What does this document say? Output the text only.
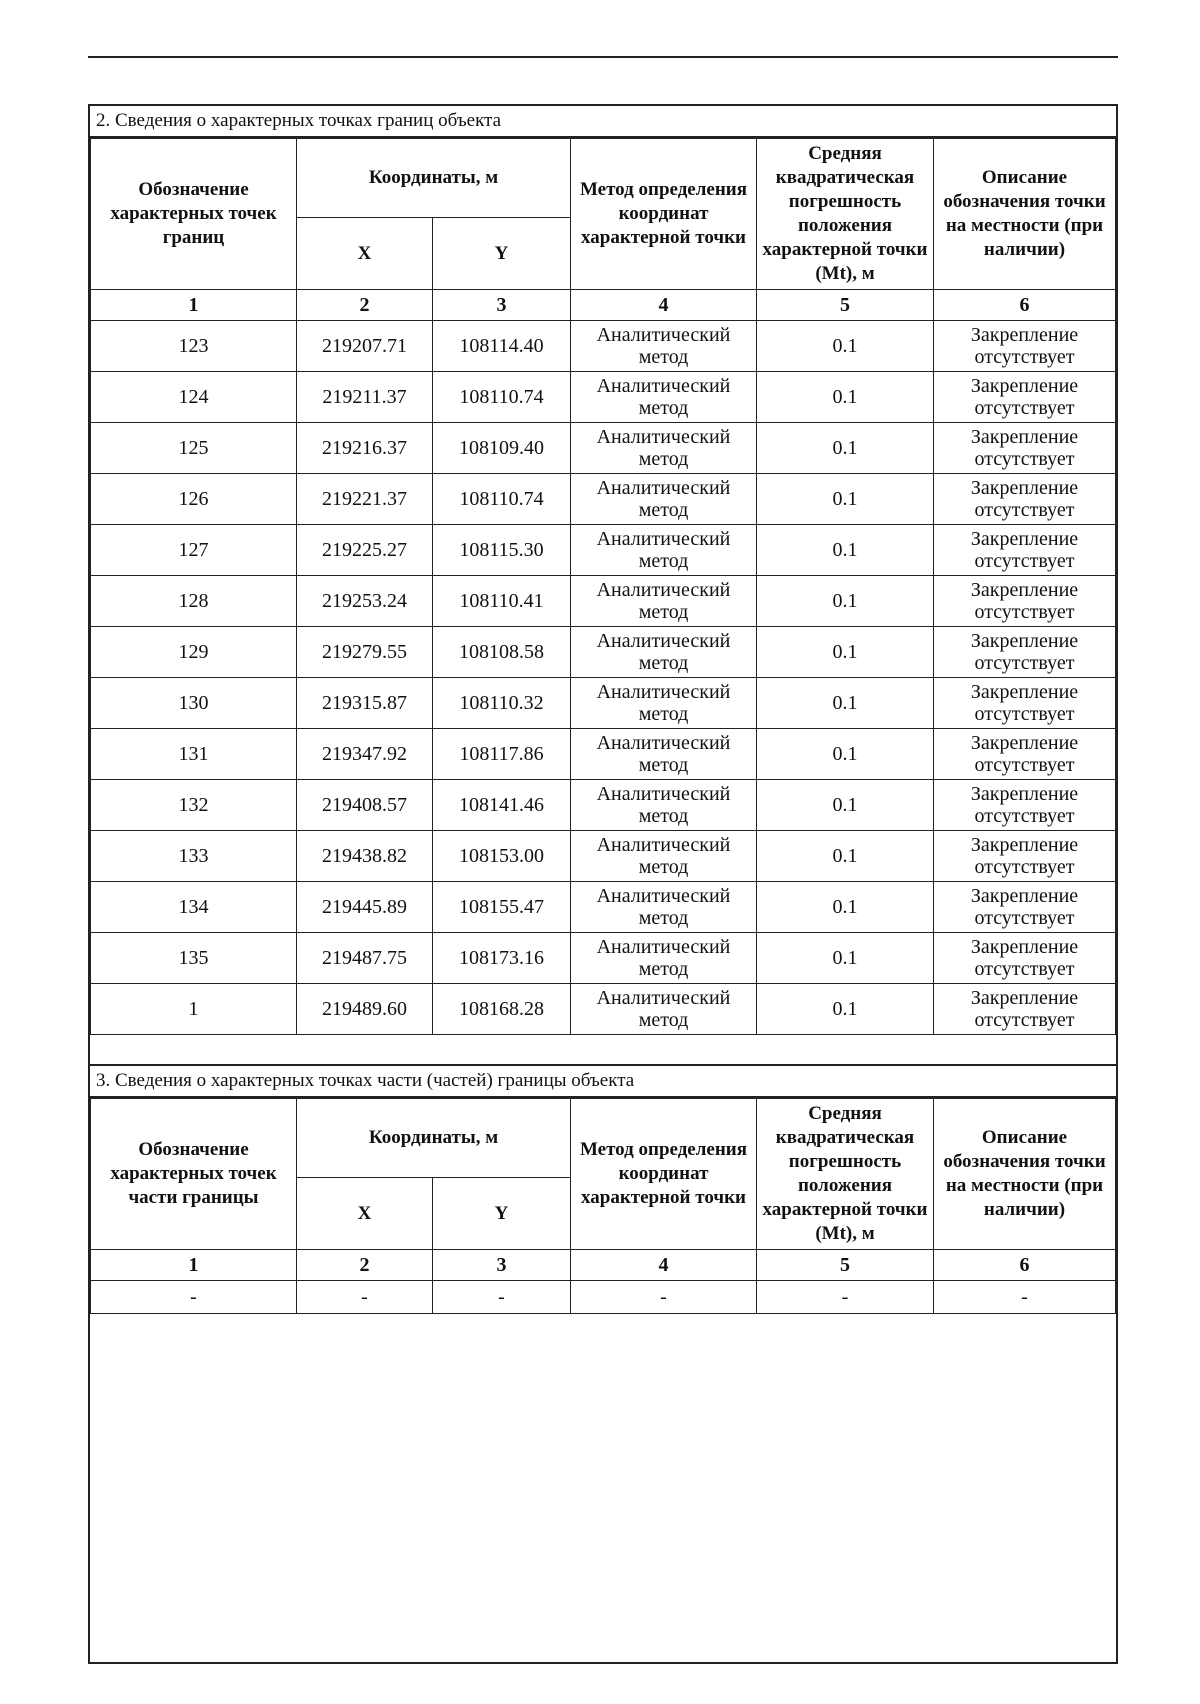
2. Сведения о характерных точках границ объекта
Обозначение характерных точек границ	Координаты, м		Метод определения координат характерной точки	Средняя квадратическая погрешность положения характерной точки (Mt), м	Описание обозначения точки на местности (при наличии)
	X	Y			
1	2	3	4	5	6
123	219207.71	108114.40	Аналитический метод	0.1	Закрепление отсутствует
124	219211.37	108110.74	Аналитический метод	0.1	Закрепление отсутствует
125	219216.37	108109.40	Аналитический метод	0.1	Закрепление отсутствует
126	219221.37	108110.74	Аналитический метод	0.1	Закрепление отсутствует
127	219225.27	108115.30	Аналитический метод	0.1	Закрепление отсутствует
128	219253.24	108110.41	Аналитический метод	0.1	Закрепление отсутствует
129	219279.55	108108.58	Аналитический метод	0.1	Закрепление отсутствует
130	219315.87	108110.32	Аналитический метод	0.1	Закрепление отсутствует
131	219347.92	108117.86	Аналитический метод	0.1	Закрепление отсутствует
132	219408.57	108141.46	Аналитический метод	0.1	Закрепление отсутствует
133	219438.82	108153.00	Аналитический метод	0.1	Закрепление отсутствует
134	219445.89	108155.47	Аналитический метод	0.1	Закрепление отсутствует
135	219487.75	108173.16	Аналитический метод	0.1	Закрепление отсутствует
1	219489.60	108168.28	Аналитический метод	0.1	Закрепление отсутствует
3. Сведения о характерных точках части (частей) границы объекта
Обозначение характерных точек части границы	Координаты, м		Метод определения координат характерной точки	Средняя квадратическая погрешность положения характерной точки (Mt), м	Описание обозначения точки на местности (при наличии)
	X	Y			
1	2	3	4	5	6
-	-	-	-	-	-
